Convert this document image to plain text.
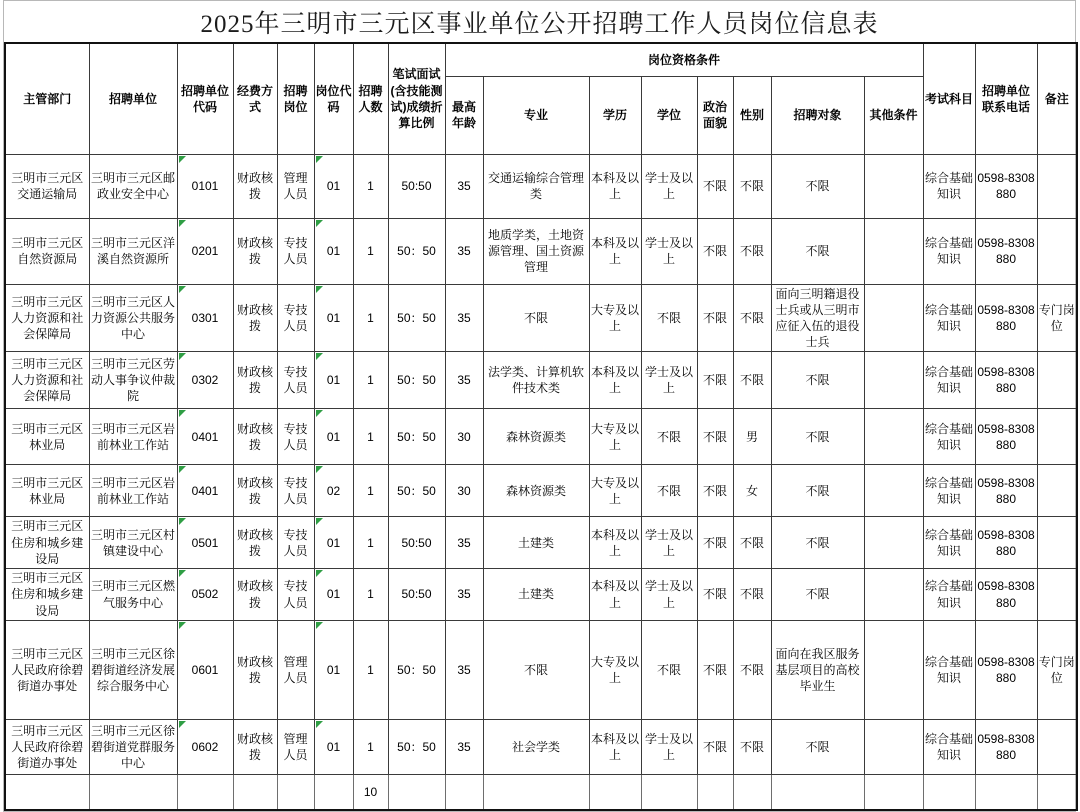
2025年三明市三元区事业单位公开招聘工作人员岗位信息表
主管部门	招聘单位	招聘单位代码	经费方式	招聘岗位	岗位代码	招聘人数	笔试面试(含技能测试)成绩折算比例	岗位资格条件								考试科目	招聘单位联系电话	备注
								最高年龄	专业	学历	学位	政治面貌	性别	招聘对象	其他条件			
三明市三元区交通运输局	三明市三元区邮政业安全中心	0101	财政核拨	管理人员	01	1	50:50	35	交通运输综合管理类	本科及以上	学士及以上	不限	不限	不限		综合基础知识	0598-8308880	
三明市三元区自然资源局	三明市三元区洋溪自然资源所	0201	财政核拨	专技人员	01	1	50：50	35	地质学类，土地资源管理、国土资源管理	本科及以上	学士及以上	不限	不限	不限		综合基础知识	0598-8308880	
三明市三元区人力资源和社会保障局	三明市三元区人力资源公共服务中心	0301	财政核拨	专技人员	01	1	50：50	35	不限	大专及以上	不限	不限	不限	面向三明籍退役士兵或从三明市应征入伍的退役士兵		综合基础知识	0598-8308880	专门岗位
三明市三元区人力资源和社会保障局	三明市三元区劳动人事争议仲裁院	0302	财政核拨	专技人员	01	1	50：50	35	法学类、计算机软件技术类	本科及以上	学士及以上	不限	不限	不限		综合基础知识	0598-8308880	
三明市三元区林业局	三明市三元区岩前林业工作站	0401	财政核拨	专技人员	01	1	50：50	30	森林资源类	大专及以上	不限	不限	男	不限		综合基础知识	0598-8308880	
三明市三元区林业局	三明市三元区岩前林业工作站	0401	财政核拨	专技人员	02	1	50：50	30	森林资源类	大专及以上	不限	不限	女	不限		综合基础知识	0598-8308880	
三明市三元区住房和城乡建设局	三明市三元区村镇建设中心	0501	财政核拨	专技人员	01	1	50:50	35	土建类	本科及以上	学士及以上	不限	不限	不限		综合基础知识	0598-8308880	
三明市三元区住房和城乡建设局	三明市三元区燃气服务中心	0502	财政核拨	专技人员	01	1	50:50	35	土建类	本科及以上	学士及以上	不限	不限	不限		综合基础知识	0598-8308880	
三明市三元区人民政府徐碧街道办事处	三明市三元区徐碧街道经济发展综合服务中心	0601	财政核拨	管理人员	01	1	50：50	35	不限	大专及以上	不限	不限	不限	面向在我区服务基层项目的高校毕业生		综合基础知识	0598-8308880	专门岗位
三明市三元区人民政府徐碧街道办事处	三明市三元区徐碧街道党群服务中心	0602	财政核拨	管理人员	01	1	50：50	35	社会学类	本科及以上	学士及以上	不限	不限	不限		综合基础知识	0598-8308880	
						10												
